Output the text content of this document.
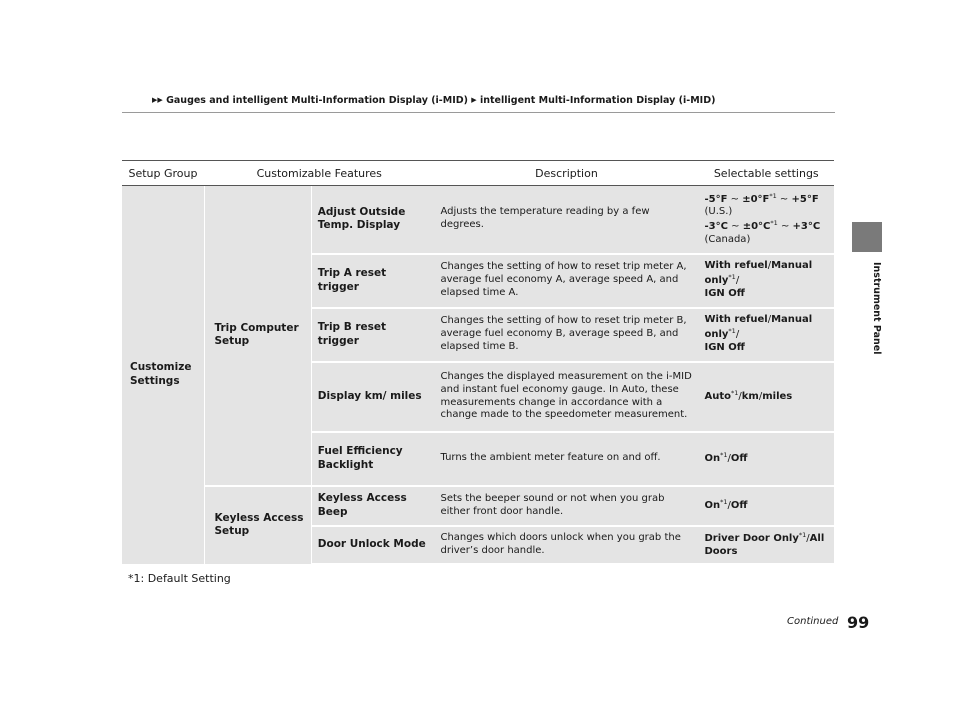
▶▶ Gauges and intelligent Multi-Information Display (i-MID) ▶ intelligent Multi-Information Display (i-MID)
Instrument Panel
Setup Group	Customizable Features		Description	Selectable settings
Customize Settings	Trip Computer Setup	Adjust Outside Temp. Display	Adjusts the temperature reading by a few degrees.	-5°F ~ $\pm 0^\circ F^{*1}$ ~ +5°F (U.S.)
-3°C ~ $\pm 0^\circ C^{*1}$ ~ +3°C (Canada)

		Trip A reset trigger	Changes the setting of how to reset trip meter A, average fuel economy A, average speed A, and elapsed time A.	With refuel/Manual only$^{*1}$/
IGN Off
		Trip B reset trigger	Changes the setting of how to reset trip meter B, average fuel economy B, average speed B, and elapsed time B.	With refuel/Manual only$^{*1}$/
IGN Off
		Display km/ miles	Changes the displayed measurement on the i-MID and instant fuel economy gauge. In Auto, these measurements change in accordance with a change made to the speedometer measurement.	Auto$^{*1}$/km/miles
		Fuel Efficiency Backlight	Turns the ambient meter feature on and off.	On$^{*1}$/Off
	Keyless Access Setup	Keyless Access Beep	Sets the beeper sound or not when you grab either front door handle.	On$^{*1}$/Off
		Door Unlock Mode	Changes which doors unlock when you grab the driver’s door handle.	Driver Door Only$^{*1}$/All Doors
*1: Default Setting
Continued 99
